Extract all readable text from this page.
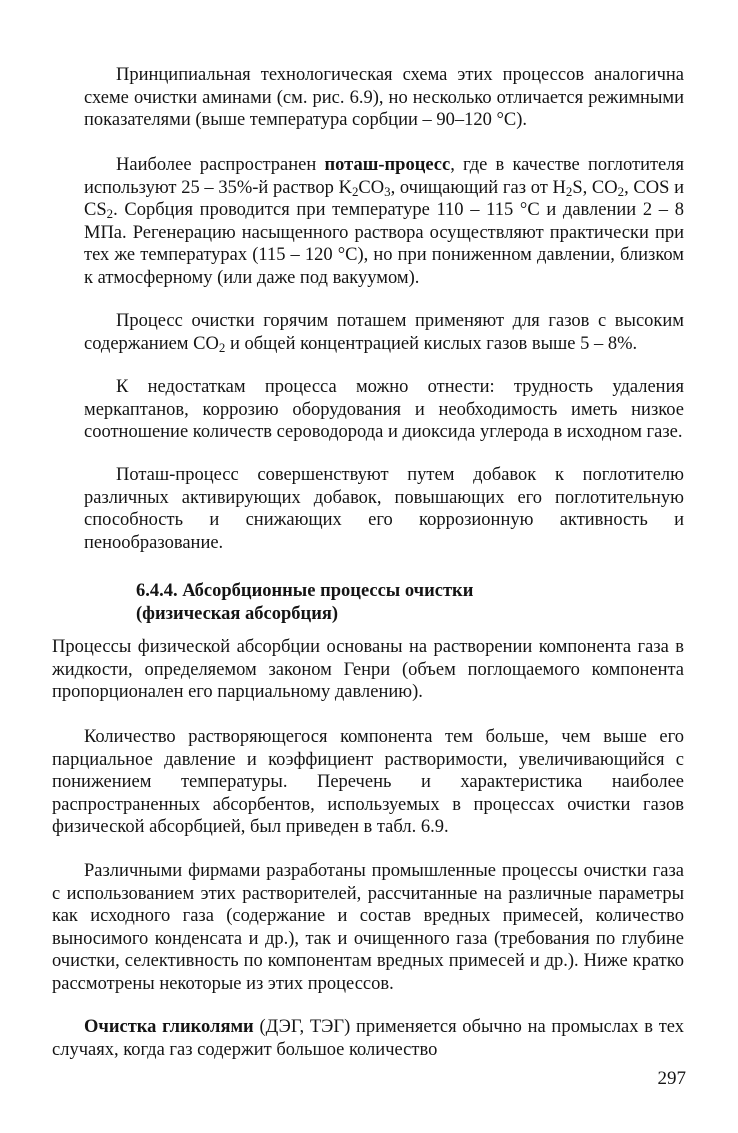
Принципиальная технологическая схема этих процессов аналогична схеме очистки аминами (см. рис. 6.9), но несколько отличается режимными показателями (выше температура сорбции – 90–120 °С).

Наиболее распространен поташ-процесс, где в качестве поглотителя используют 25 – 35%-й раствор $K_2CO_3$, очищающий газ от $H_2S$, $CO_2$, COS и $CS_2$. Сорбция проводится при температуре 110 – 115 °С и давлении 2 – 8 МПа. Регенерацию насыщенного раствора осуществляют практически при тех же температурах (115 – 120 °С), но при пониженном давлении, близком к атмосферному (или даже под вакуумом).

Процесс очистки горячим поташем применяют для газов с высоким содержанием $CO_2$ и общей концентрацией кислых газов выше 5 – 8%.

К недостаткам процесса можно отнести: трудность удаления меркаптанов, коррозию оборудования и необходимость иметь низкое соотношение количеств сероводорода и диоксида углерода в исходном газе.

Поташ-процесс совершенствуют путем добавок к поглотителю различных активирующих добавок, повышающих его поглотительную способность и снижающих его коррозионную активность и пенообразование.

6.4.4. Абсорбционные процессы очистки
(физическая абсорбция)

Процессы физической абсорбции основаны на растворении компонента газа в жидкости, определяемом законом Генри (объем поглощаемого компонента пропорционален его парциальному давлению).

Количество растворяющегося компонента тем больше, чем выше его парциальное давление и коэффициент растворимости, увеличивающийся с понижением температуры. Перечень и характеристика наиболее распространенных абсорбентов, используемых в процессах очистки газов физической абсорбцией, был приведен в табл. 6.9.

Различными фирмами разработаны промышленные процессы очистки газа с использованием этих растворителей, рассчитанные на различные параметры как исходного газа (содержание и состав вредных примесей, количество выносимого конденсата и др.), так и очищенного газа (требования по глубине очистки, селективность по компонентам вредных примесей и др.). Ниже кратко рассмотрены некоторые из этих процессов.

Очистка гликолями (ДЭГ, ТЭГ) применяется обычно на промыслах в тех случаях, когда газ содержит большое количество

297
